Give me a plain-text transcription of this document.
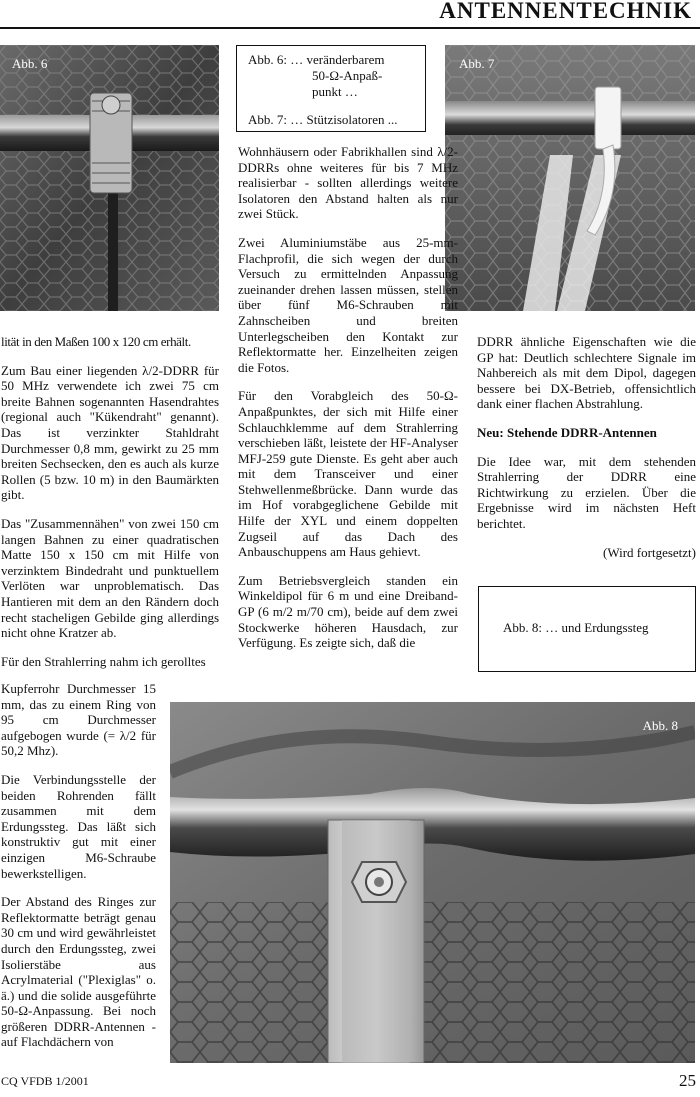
ANTENNENTECHNIK
Abb. 6	Abb. 6: … veränderbarem
50-Ω-Anpaß-
punkt …
Abb. 7: … Stützisolatoren ...
Abb. 7

lität in den Maßen 100 x 120 cm erhält.

Zum Bau einer liegenden λ/2-DDRR für 50 MHz verwendete ich zwei 75 cm breite Bahnen sogenannten Hasendrahtes (regional auch "Kükendraht" genannt). Das ist verzinkter Stahldraht Durchmesser 0,8 mm, gewirkt zu 25 mm breiten Sechsecken, den es auch als kurze Rollen (5 bzw. 10 m) in den Baumärkten gibt.

Das "Zusammennähen" von zwei 150 cm langen Bahnen zu einer quadratischen Matte 150 x 150 cm mit Hilfe von verzinktem Bindedraht und punktuellem Verlöten war unproblematisch. Das Hantieren mit dem an den Rändern doch recht stacheligen Gebilde ging allerdings nicht ohne Kratzer ab.

Für den Strahlerring nahm ich gerolltes

Kupferrohr Durchmesser 15 mm, das zu einem Ring von 95 cm Durchmesser aufgebogen wurde (= λ/2 für 50,2 Mhz).

Die Verbindungsstelle der beiden Rohrenden fällt zusammen mit dem Erdungssteg. Das läßt sich konstruktiv gut mit einer einzigen M6-Schraube bewerkstelligen.

Der Abstand des Ringes zur Reflektormatte beträgt genau 30 cm und wird gewährleistet durch den Erdungssteg, zwei Isolierstäbe aus Acrylmaterial ("Plexiglas" o. ä.) und die solide ausgeführte 50-Ω-Anpassung. Bei noch größeren DDRR-Antennen - auf Flachdächern von

Wohnhäusern oder Fabrikhallen sind λ/2-DDRRs ohne weiteres für bis 7 MHz realisierbar - sollten allerdings weitere Isolatoren den Abstand halten als nur zwei Stück.

Zwei Aluminiumstäbe aus 25-mm-Flachprofil, die sich wegen der durch Versuch zu ermittelnden Anpassung zueinander drehen lassen müssen, stellen über fünf M6-Schrauben mit Zahnscheiben und breiten Unterlegscheiben den Kontakt zur Reflektormatte her. Einzelheiten zeigen die Fotos.

Für den Vorabgleich des 50-Ω-Anpaßpunktes, der sich mit Hilfe einer Schlauchklemme auf dem Strahlerring verschieben läßt, leistete der HF-Analyser MFJ-259 gute Dienste. Es geht aber auch mit dem Transceiver und einer Stehwellenmeßbrücke. Dann wurde das im Hof vorabgeglichene Gebilde mit Hilfe der XYL und einem doppelten Zugseil auf das Dach des Anbauschuppens am Haus gehievt.

Zum Betriebsvergleich standen ein Winkeldipol für 6 m und eine Dreiband-GP (6 m/2 m/70 cm), beide auf dem zwei Stockwerke höheren Hausdach, zur Verfügung. Es zeigte sich, daß die

DDRR ähnliche Eigenschaften wie die GP hat: Deutlich schlechtere Signale im Nahbereich als mit dem Dipol, dagegen bessere bei DX-Betrieb, offensichtlich dank einer flachen Abstrahlung.

Neu: Stehende DDRR-Antennen

Die Idee war, mit dem stehenden Strahlerring der DDRR eine Richtwirkung zu erzielen. Über die Ergebnisse wird im nächsten Heft berichtet.

(Wird fortgesetzt)

Abb. 8: … und Erdungssteg
Abb. 8
CQ VFDB 1/2001	25
